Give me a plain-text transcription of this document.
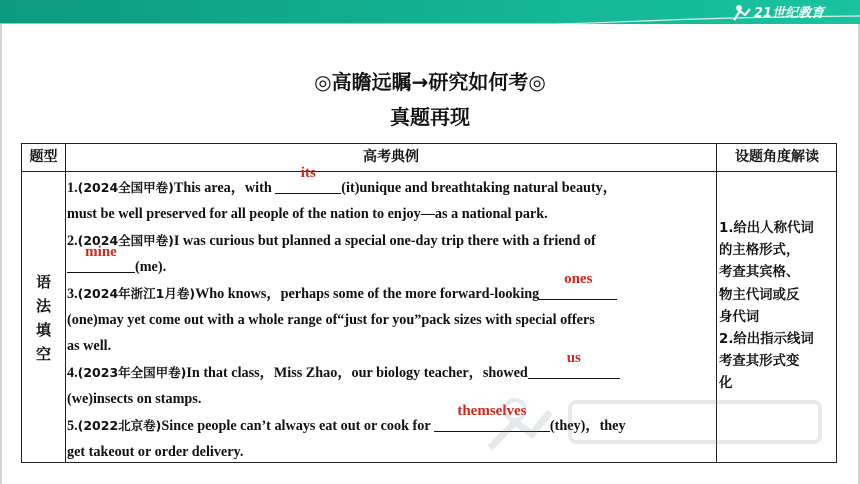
21世纪教育
◎高瞻远瞩→研究如何考◎
真题再现
题型	高考典例	设题角度解读
语
法
填
空

1.(2024全国甲卷)This area，with
its
(it)unique and breathtaking natural beauty，

must be well preserved for all people of the nation to enjoy—as a national park.

2.(2024全国甲卷)I was curious but planned a special one-day trip there with a friend of

mine
(me).

3.(2024年浙江1月卷)Who knows，perhaps some of the more forward-looking
ones

(one)may yet come out with a whole range of“just for you”pack sizes with special offers

as well.

4.(2023年全国甲卷)In that class，Miss Zhao，our biology teacher，showed
us

(we)insects on stamps.

5.(2022北京卷)Since people can’t always eat out or cook for
themselves
(they)，they

get takeout or order delivery.

1.给出人称代词

的主格形式，

考查其宾格、

物主代词或反

身代词

2.给出指示线词

考查其形式变

化
